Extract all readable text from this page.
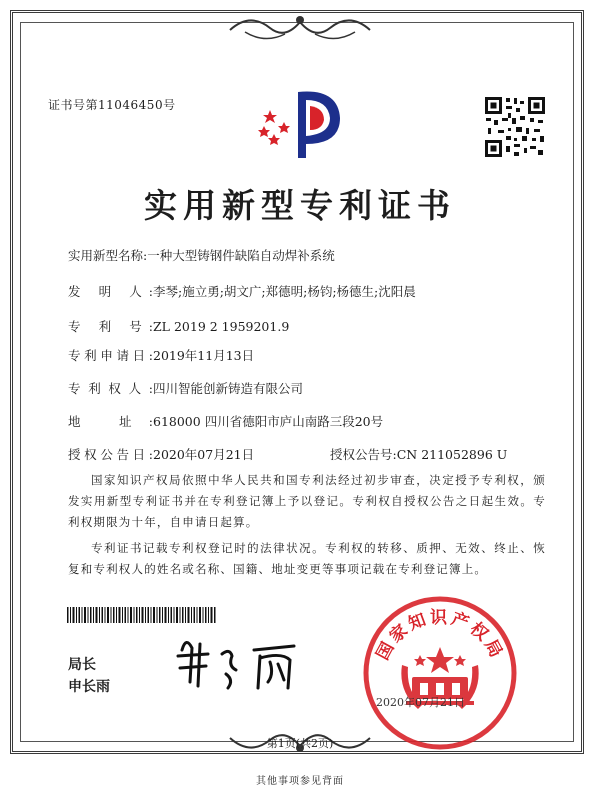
证书号第11046450号
实用新型专利证书
实用新型名称:一种大型铸钢件缺陷自动焊补系统
发 明 人:李琴;施立勇;胡文广;郑德明;杨钧;杨德生;沈阳晨
专 利 号:ZL 2019 2 1959201.9
专利申请日:2019年11月13日
专利权人:四川智能创新铸造有限公司
地 址:618000 四川省德阳市庐山南路三段20号
授权公告日:2020年07月21日	授权公告号:CN 211052896 U
国家知识产权局依照中华人民共和国专利法经过初步审查，决定授予专利权，颁发实用新型专利证书并在专利登记簿上予以登记。专利权自授权公告之日起生效。专利权期限为十年，自申请日起算。
专利证书记载专利权登记时的法律状况。专利权的转移、质押、无效、终止、恢复和专利权人的姓名或名称、国籍、地址变更等事项记载在专利登记簿上。
局长
申长雨
国家知识产权局
2020年07月21日
第1页(共2页)
其他事项参见背面
